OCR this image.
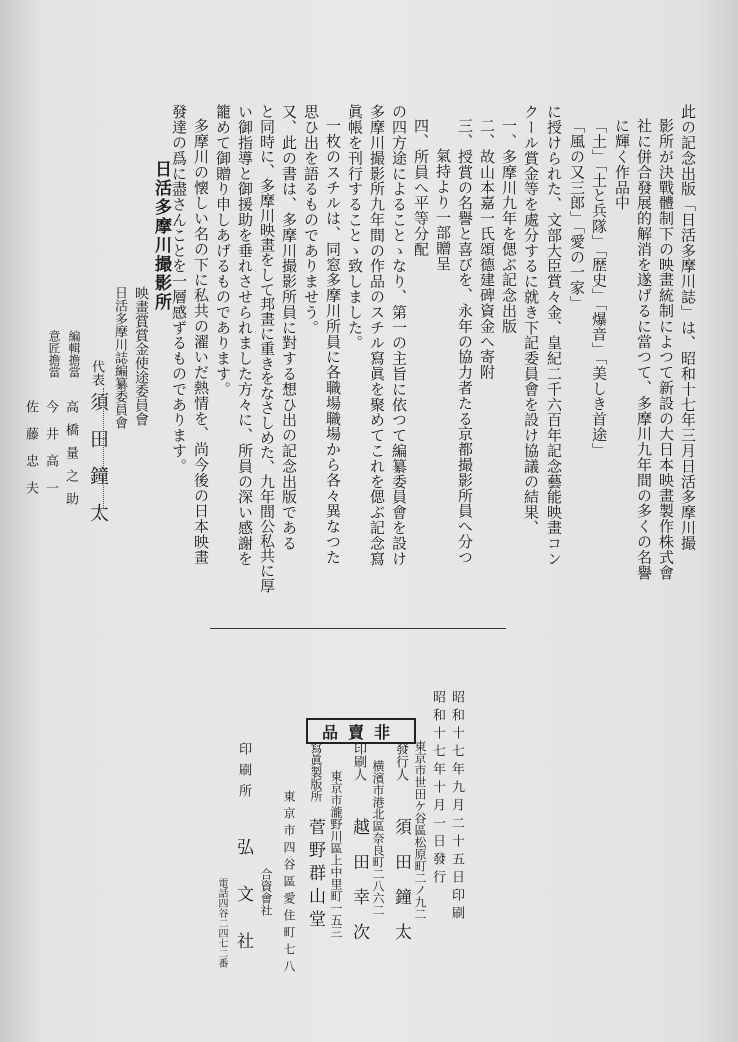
此の記念出版「日活多摩川誌」は、昭和十七年三月日活多摩川撮
影所が決戰體制下の映畫統制によつて新設の大日本映畫製作株式會
社に併合發展的解消を遂げるに當つて、多摩川九年間の多くの名譽
に輝く作品中
「土」「土と兵隊」「歴史」「爆音」「美しき首途」
「風の又三郎」「愛の一家」
に授けられた、文部大臣賞々金、皇紀二千六百年記念藝能映畫コン
クール賞金等を處分するに就き下記委員會を設け協議の結果、
一、多摩川九年を偲ぶ記念出版
二、故山本嘉一氏頌德建碑資金へ寄附
三、授賞の名譽と喜びを、永年の協力者たる京都撮影所員へ分つ
氣持より一部贈呈
四、所員へ平等分配
の四方途によることゝなり、第一の主旨に依つて編纂委員會を設け
多摩川撮影所九年間の作品のスチル寫眞を聚めてこれを偲ぶ記念寫
眞帳を刊行することゝ致しました。
一枚のスチルは、同窓多摩川所員に各職場職場から各々異なつた
思ひ出を語るものでありませう。
又、此の書は、多摩川撮影所員に對する想ひ出の記念出版である
と同時に、多摩川映畫をして邦畫に重きをなさしめた、九年間公私共に厚
い御指導と御援助を垂れさせられました方々に、所員の深い感謝を
籠めて御贈り申しあげるものであります。
多摩川の懐しい名の下に私共の濯いだ熱情を、尚今後の日本映畫
發達の爲に盡さんことを一層感ずるものであります。
日活多摩川撮影所
映畫賞賞金使途委員會
日活多摩川誌編纂委員會
代表
須田鐘太
編輯擔當
高橋量之助
意匠擔當
今井高一
佐藤忠夫
非賣品	昭和十七年九月二十五日印刷
昭和十七年十月一日發行
東京市世田ケ谷區松原町二ノ九二
發行人
須田鐘太
横濱市港北區奈良町二八六二
印刷人
越田幸次
東京市瀧野川區上中里町一五三
寫眞製版所
菅野群山堂
東京市四谷區愛住町七八
合資會社
印刷所
弘文社
電話四谷二四七二番
